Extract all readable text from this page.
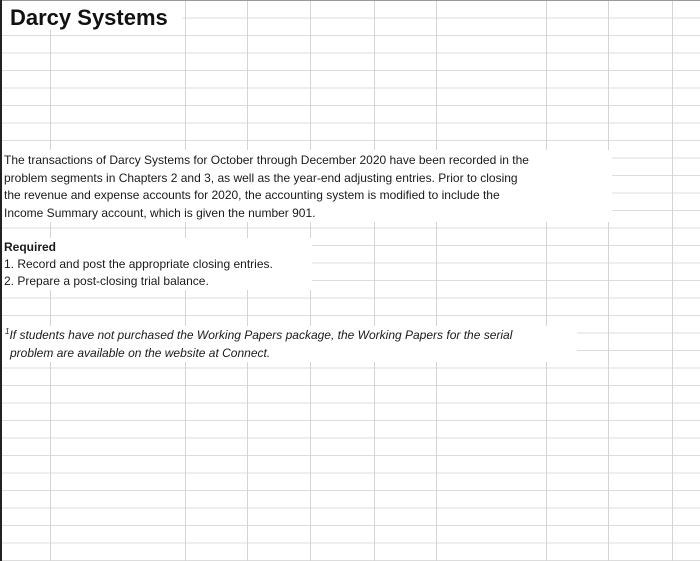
Darcy Systems
The transactions of Darcy Systems for October through December 2020 have been recorded in the
problem segments in Chapters 2 and 3, as well as the year-end adjusting entries. Prior to closing
the revenue and expense accounts for 2020, the accounting system is modified to include the
Income Summary account, which is given the number 901.
Required
1. Record and post the appropriate closing entries.
2. Prepare a post-closing trial balance.
$^1$If students have not purchased the Working Papers package, the Working Papers for the serial
problem are available on the website at Connect.
